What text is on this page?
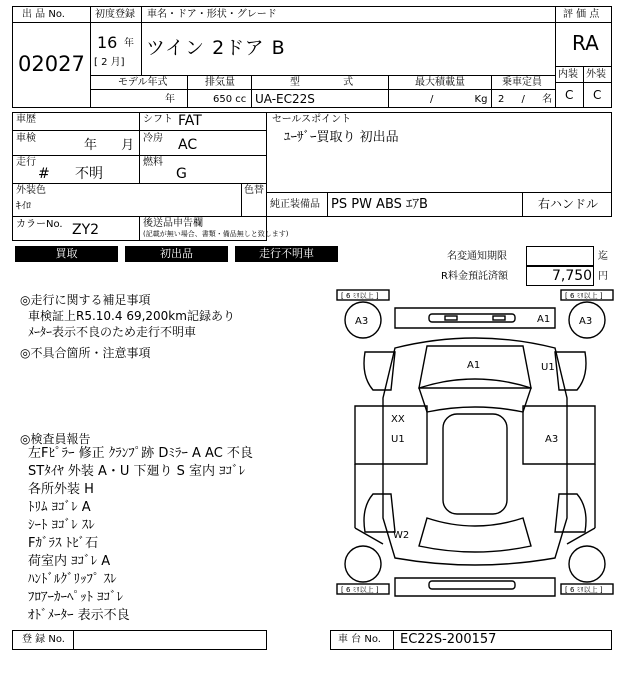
出 品 No.
02027
初度登録
16 年
[ 2 月]
車名・ドア・形状・グレード
ツイン 2ドア B
評 価 点
RA
内装 外装
C C
モデル年式
年
排気量
650 cc
型 式
UA-EC22S
最大積載量
/ Kg
乗車定員
2 / 名
車歴
車検	年 月
走行
# 不明
シフト FAT
冷房 AC
燃料
G
セールスポイント
ﾕｰｻﾞｰ買取り 初出品
外装色
ｷｲﾛ
色替
純正装備品 PS PW ABS ｴｱB	右ハンドル
カラーNo. ZY2	後送品申告欄
(記載が無い場合、書類・備品無しと致します)
買取	初出品	走行不明車	名変通知期限	迄
R料金預託済額	7,750 円
◎走行に関する補足事項
車検証上R5.10.4 69,200km記録あり
ﾒｰﾀｰ表示不良のため走行不明車
◎不具合箇所・注意事項
◎検査員報告
左Fﾋﾟﾗｰ 修正 ｸﾗﾝﾌﾟ跡 Dﾐﾗｰ A AC 不良
STﾀｲﾔ 外装 A・U 下廻り S 室内 ﾖｺﾞﾚ
各所外装 H
ﾄﾘﾑ ﾖｺﾞﾚ A
ｼｰﾄ ﾖｺﾞﾚ ｽﾚ
Fｶﾞﾗｽ ﾄﾋﾞ石
荷室内 ﾖｺﾞﾚ A
ﾊﾝﾄﾞﾙｸﾞﾘｯﾌﾟ ｽﾚ
ﾌﾛｱｰｶｰﾍﾟｯﾄ ﾖｺﾞﾚ
ｵﾄﾞﾒｰﾀｰ 表示不良
[ 6 ﾐﾘ以上 ]	[ 6 ﾐﾘ以上 ]
[ 6 ﾐﾘ以上 ]	[ 6 ﾐﾘ以上 ]
A3	A3
A1
A1	U1
XX
U1	A3
W2
登 録 No.	車 台 No. EC22S-200157
